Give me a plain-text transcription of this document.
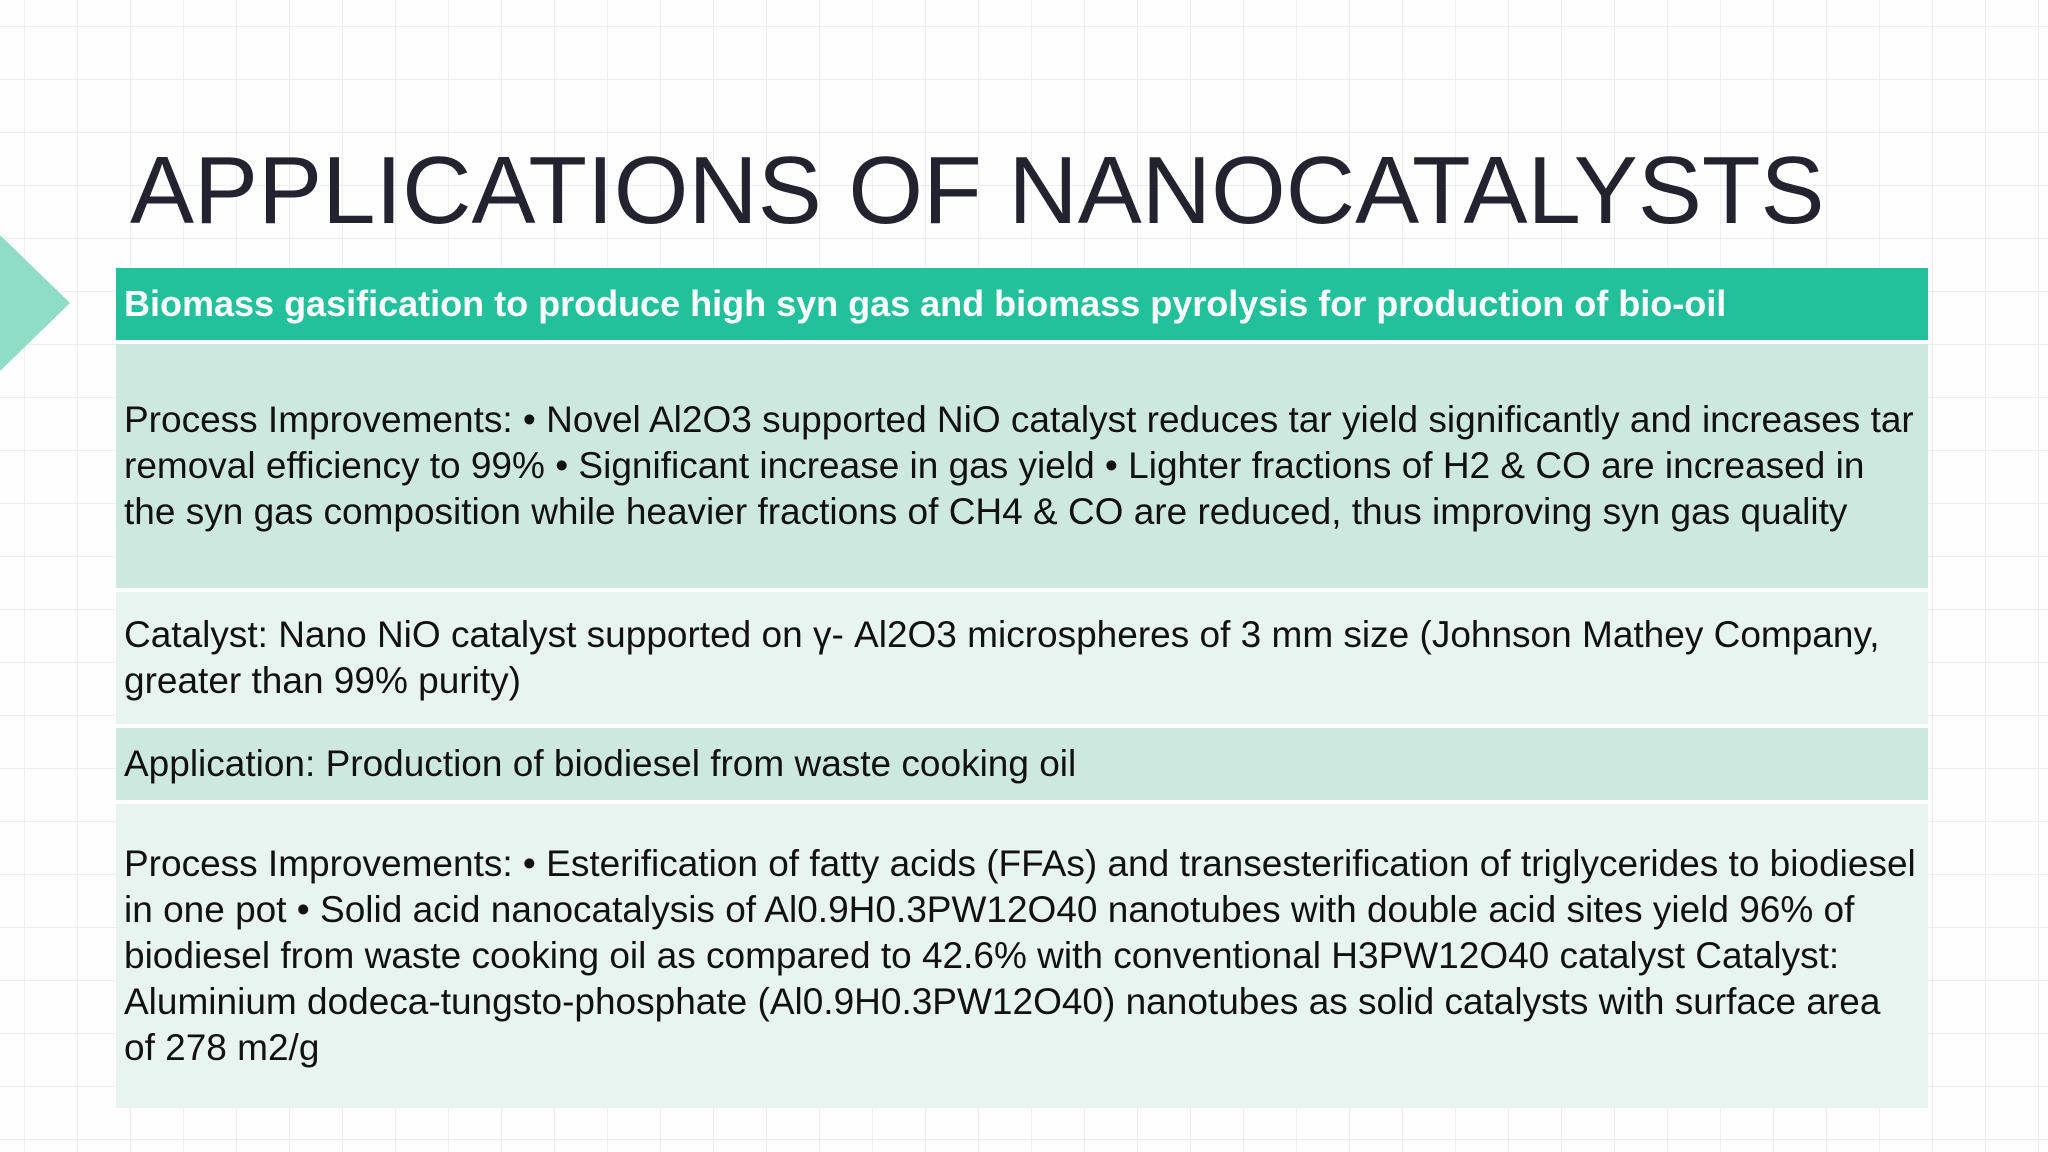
APPLICATIONS OF NANOCATALYSTS
Biomass gasification to produce high syn gas and biomass pyrolysis for production of bio-oil
Process Improvements: • Novel Al2O3 supported NiO catalyst reduces tar yield significantly and increases tar removal efficiency to 99% • Significant increase in gas yield • Lighter fractions of H2 & CO are increased in the syn gas composition while heavier fractions of CH4 & CO are reduced, thus improving syn gas quality
Catalyst: Nano NiO catalyst supported on γ- Al2O3 microspheres of 3 mm size (Johnson Mathey Company, greater than 99% purity)
Application: Production of biodiesel from waste cooking oil
Process Improvements: • Esterification of fatty acids (FFAs) and transesterification of triglycerides to biodiesel in one pot • Solid acid nanocatalysis of Al0.9H0.3PW12O40 nanotubes with double acid sites yield 96% of biodiesel from waste cooking oil as compared to 42.6% with conventional H3PW12O40 catalyst Catalyst: Aluminium dodeca-tungsto-phosphate (Al0.9H0.3PW12O40) nanotubes as solid catalysts with surface area of 278 m2/g
